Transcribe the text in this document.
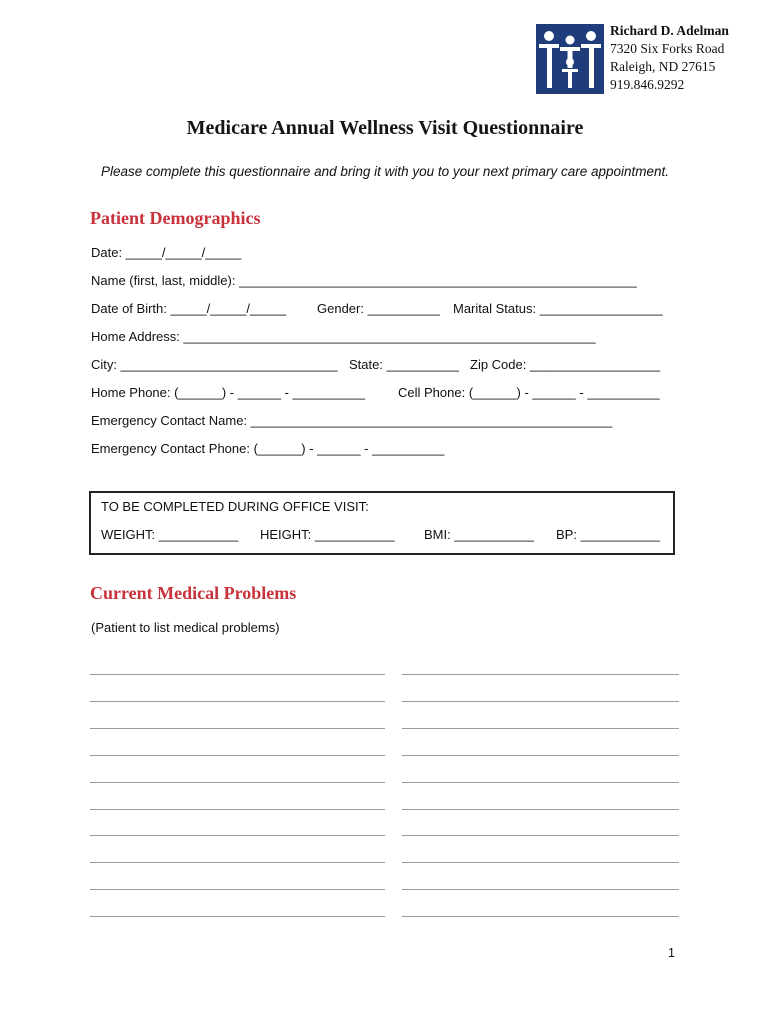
Richard D. Adelman
7320 Six Forks Road
Raleigh, ND 27615
919.846.9292
Medicare Annual Wellness Visit Questionnaire
Please complete this questionnaire and bring it with you to your next primary care appointment.
Patient Demographics
Date: _____/_____/_____
Name (first, last, middle): _______________________________________________________
Date of Birth: _____/_____/_____ Gender: __________ Marital Status: _________________
Home Address: _________________________________________________________
City: ______________________________ State: __________ Zip Code: __________________
Home Phone: (______) - ______ - __________	Cell Phone: (______) - ______ - __________
Emergency Contact Name: __________________________________________________
Emergency Contact Phone: (______) - ______ - __________
TO BE COMPLETED DURING OFFICE VISIT:
WEIGHT: ___________ HEIGHT: ___________ BMI: ___________ BP: ___________
Current Medical Problems
(Patient to list medical problems)
1
